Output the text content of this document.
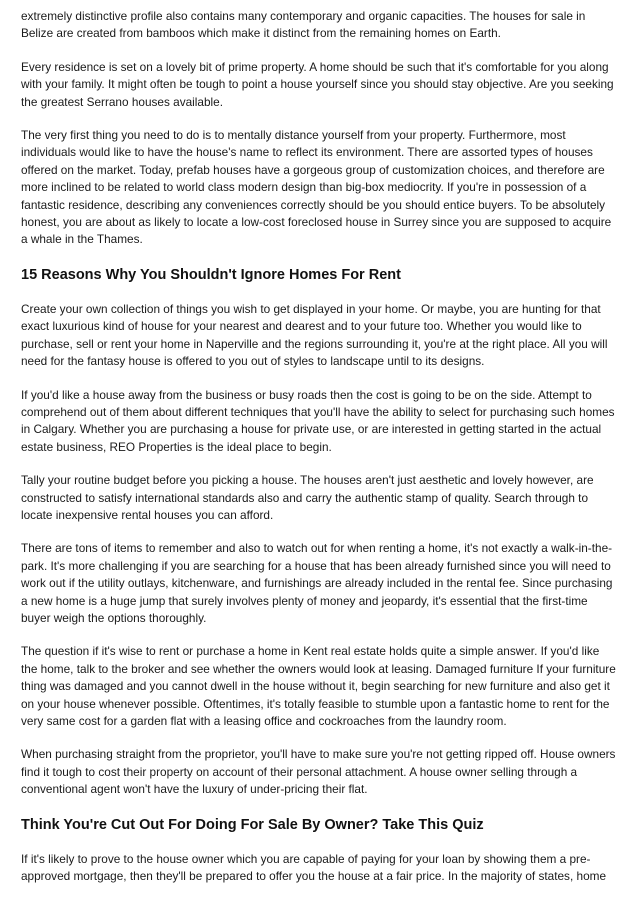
extremely distinctive profile also contains many contemporary and organic capacities. The houses for sale in Belize are created from bamboos which make it distinct from the remaining homes on Earth.

Every residence is set on a lovely bit of prime property. A home should be such that it's comfortable for you along with your family. It might often be tough to point a house yourself since you should stay objective. Are you seeking the greatest Serrano houses available.

The very first thing you need to do is to mentally distance yourself from your property. Furthermore, most individuals would like to have the house's name to reflect its environment. There are assorted types of houses offered on the market. Today, prefab houses have a gorgeous group of customization choices, and therefore are more inclined to be related to world class modern design than big-box mediocrity. If you're in possession of a fantastic residence, describing any conveniences correctly should be you should entice buyers. To be absolutely honest, you are about as likely to locate a low-cost foreclosed house in Surrey since you are supposed to acquire a whale in the Thames.

15 Reasons Why You Shouldn't Ignore Homes For Rent

Create your own collection of things you wish to get displayed in your home. Or maybe, you are hunting for that exact luxurious kind of house for your nearest and dearest and to your future too. Whether you would like to purchase, sell or rent your home in Naperville and the regions surrounding it, you're at the right place. All you will need for the fantasy house is offered to you out of styles to landscape until to its designs.

If you'd like a house away from the business or busy roads then the cost is going to be on the side. Attempt to comprehend out of them about different techniques that you'll have the ability to select for purchasing such homes in Calgary. Whether you are purchasing a house for private use, or are interested in getting started in the actual estate business, REO Properties is the ideal place to begin.

Tally your routine budget before you picking a house. The houses aren't just aesthetic and lovely however, are constructed to satisfy international standards also and carry the authentic stamp of quality. Search through to locate inexpensive rental houses you can afford.

There are tons of items to remember and also to watch out for when renting a home, it's not exactly a walk-in-the-park. It's more challenging if you are searching for a house that has been already furnished since you will need to work out if the utility outlays, kitchenware, and furnishings are already included in the rental fee. Since purchasing a new home is a huge jump that surely involves plenty of money and jeopardy, it's essential that the first-time buyer weigh the options thoroughly.

The question if it's wise to rent or purchase a home in Kent real estate holds quite a simple answer. If you'd like the home, talk to the broker and see whether the owners would look at leasing. Damaged furniture If your furniture thing was damaged and you cannot dwell in the house without it, begin searching for new furniture and also get it on your house whenever possible. Oftentimes, it's totally feasible to stumble upon a fantastic home to rent for the very same cost for a garden flat with a leasing office and cockroaches from the laundry room.

When purchasing straight from the proprietor, you'll have to make sure you're not getting ripped off. House owners find it tough to cost their property on account of their personal attachment. A house owner selling through a conventional agent won't have the luxury of under-pricing their flat.

Think You're Cut Out For Doing For Sale By Owner? Take This Quiz

If it's likely to prove to the house owner which you are capable of paying for your loan by showing them a pre-approved mortgage, then they'll be prepared to offer you the house at a fair price. In the majority of states, home
